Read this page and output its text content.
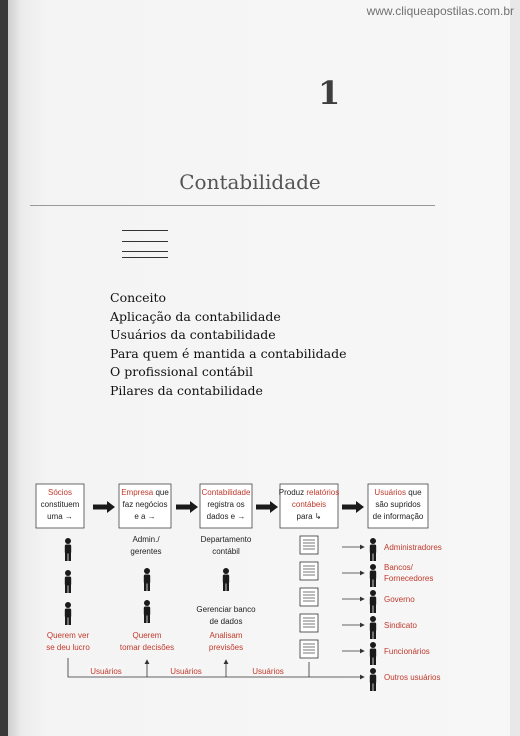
www.cliqueapostilas.com.br
1
Contabilidade
Conceito
Aplicação da contabilidade
Usuários da contabilidade
Para quem é mantida a contabilidade
O profissional contábil
Pilares da contabilidade
Sócios
constituem
uma →
Empresa que
faz negócios
e a →
Contabilidade
registra os
dados e →
Produz relatórios
contábeis
para ↳
Usuários que
são supridos
de informação
Querem ver
se deu lucro
Admin./
gerentes
Querem
tomar decisões
Departamento
contábil
Gerenciar banco
de dados
Analisam
previsões
Administradores
Bancos/
Fornecedores
Governo
Sindicato
Funcionários
Outros usuários
Usuários	Usuários	Usuários
